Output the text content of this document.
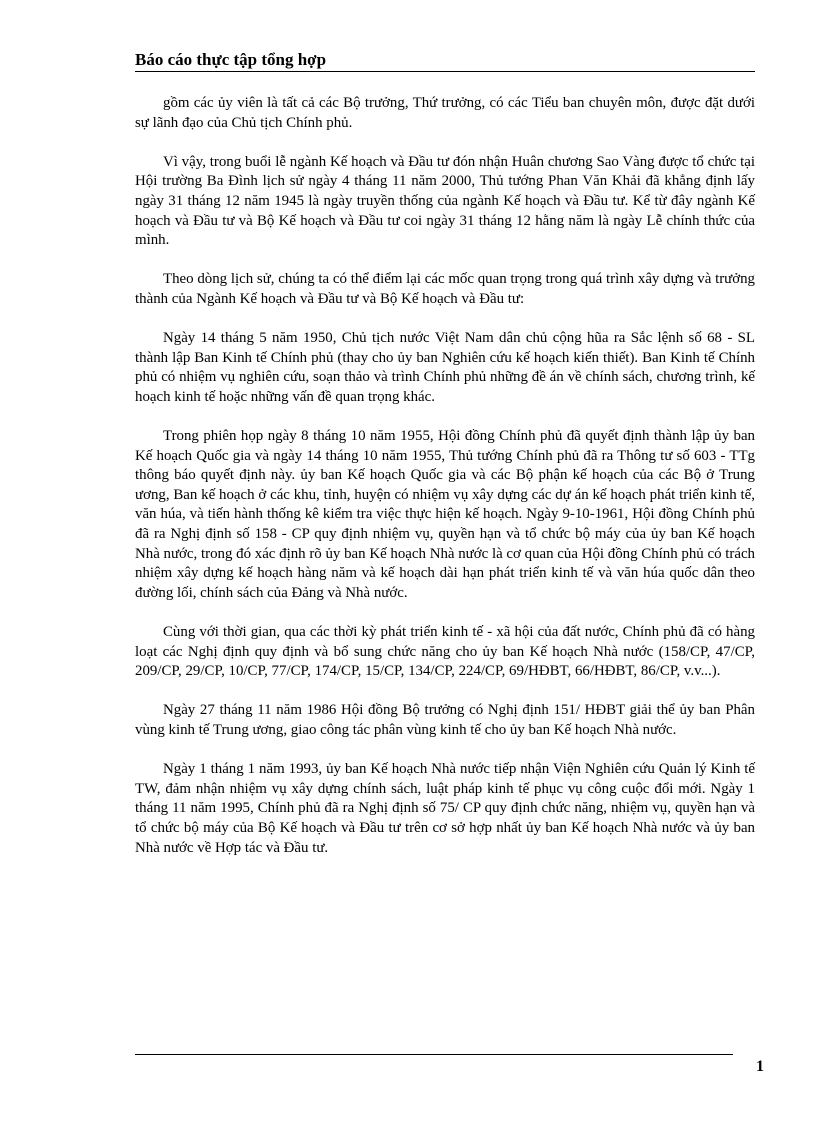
Báo cáo thực tập tổng hợp

gồm các ủy viên là tất cả các Bộ trưởng, Thứ trưởng, có các Tiểu ban chuyên môn, được đặt dưới sự lãnh đạo của Chủ tịch Chính phủ.

Vì vậy, trong buổi lễ ngành Kế hoạch và Đầu tư đón nhận Huân chương Sao Vàng được tổ chức tại Hội trường Ba Đình lịch sử ngày 4 tháng 11 năm 2000, Thủ tướng Phan Văn Khải đã khẳng định lấy ngày 31 tháng 12 năm 1945 là ngày truyền thống của ngành Kế hoạch và Đầu tư. Kể từ đây ngành Kế hoạch và Đầu tư và Bộ Kế hoạch và Đầu tư coi ngày 31 tháng 12 hằng năm là ngày Lễ chính thức của mình.

Theo dòng lịch sử, chúng ta có thể điểm lại các mốc quan trọng trong quá trình xây dựng và trưởng thành của Ngành Kế hoạch và Đầu tư và Bộ Kế hoạch và Đầu tư:

Ngày 14 tháng 5 năm 1950, Chủ tịch nước Việt Nam dân chủ cộng hũa ra Sắc lệnh số 68 - SL thành lập Ban Kinh tế Chính phủ (thay cho ủy ban Nghiên cứu kế hoạch kiến thiết). Ban Kinh tế Chính phủ có nhiệm vụ nghiên cứu, soạn thảo và trình Chính phủ những đề án về chính sách, chương trình, kế hoạch kinh tế hoặc những vấn đề quan trọng khác.

Trong phiên họp ngày 8 tháng 10 năm 1955, Hội đồng Chính phủ đã quyết định thành lập ủy ban Kế hoạch Quốc gia và ngày 14 tháng 10 năm 1955, Thủ tướng Chính phủ đã ra Thông tư số 603 - TTg thông báo quyết định này. ủy ban Kế hoạch Quốc gia và các Bộ phận kế hoạch của các Bộ ở Trung ương, Ban kế hoạch ở các khu, tỉnh, huyện có nhiệm vụ xây dựng các dự án kế hoạch phát triển kinh tế, văn húa, và tiến hành thống kê kiểm tra việc thực hiện kế hoạch. Ngày 9-10-1961, Hội đồng Chính phủ đã ra Nghị định số 158 - CP quy định nhiệm vụ, quyền hạn và tổ chức bộ máy của ủy ban Kế hoạch Nhà nước, trong đó xác định rõ ủy ban Kế hoạch Nhà nước là cơ quan của Hội đồng Chính phủ có trách nhiệm xây dựng kế hoạch hàng năm và kế hoạch dài hạn phát triển kinh tế và văn húa quốc dân theo đường lối, chính sách của Đảng và Nhà nước.

Cùng với thời gian, qua các thời kỳ phát triển kinh tế - xã hội của đất nước, Chính phủ đã có hàng loạt các Nghị định quy định và bổ sung chức năng cho ủy ban Kế hoạch Nhà nước (158/CP, 47/CP, 209/CP, 29/CP, 10/CP, 77/CP, 174/CP, 15/CP, 134/CP, 224/CP, 69/HĐBT, 66/HĐBT, 86/CP, v.v...).

Ngày 27 tháng 11 năm 1986 Hội đồng Bộ trưởng có Nghị định 151/ HĐBT giải thể ủy ban Phân vùng kinh tế Trung ương, giao công tác phân vùng kinh tế cho ủy ban Kế hoạch Nhà nước.

Ngày 1 tháng 1 năm 1993, ủy ban Kế hoạch Nhà nước tiếp nhận Viện Nghiên cứu Quản lý Kinh tế TW, đảm nhận nhiệm vụ xây dựng chính sách, luật pháp kinh tế phục vụ công cuộc đổi mới. Ngày 1 tháng 11 năm 1995, Chính phủ đã ra Nghị định số 75/ CP quy định chức năng, nhiệm vụ, quyền hạn và tổ chức bộ máy của Bộ Kế hoạch và Đầu tư trên cơ sở hợp nhất ủy ban Kế hoạch Nhà nước và ủy ban Nhà nước về Hợp tác và Đầu tư.

1
